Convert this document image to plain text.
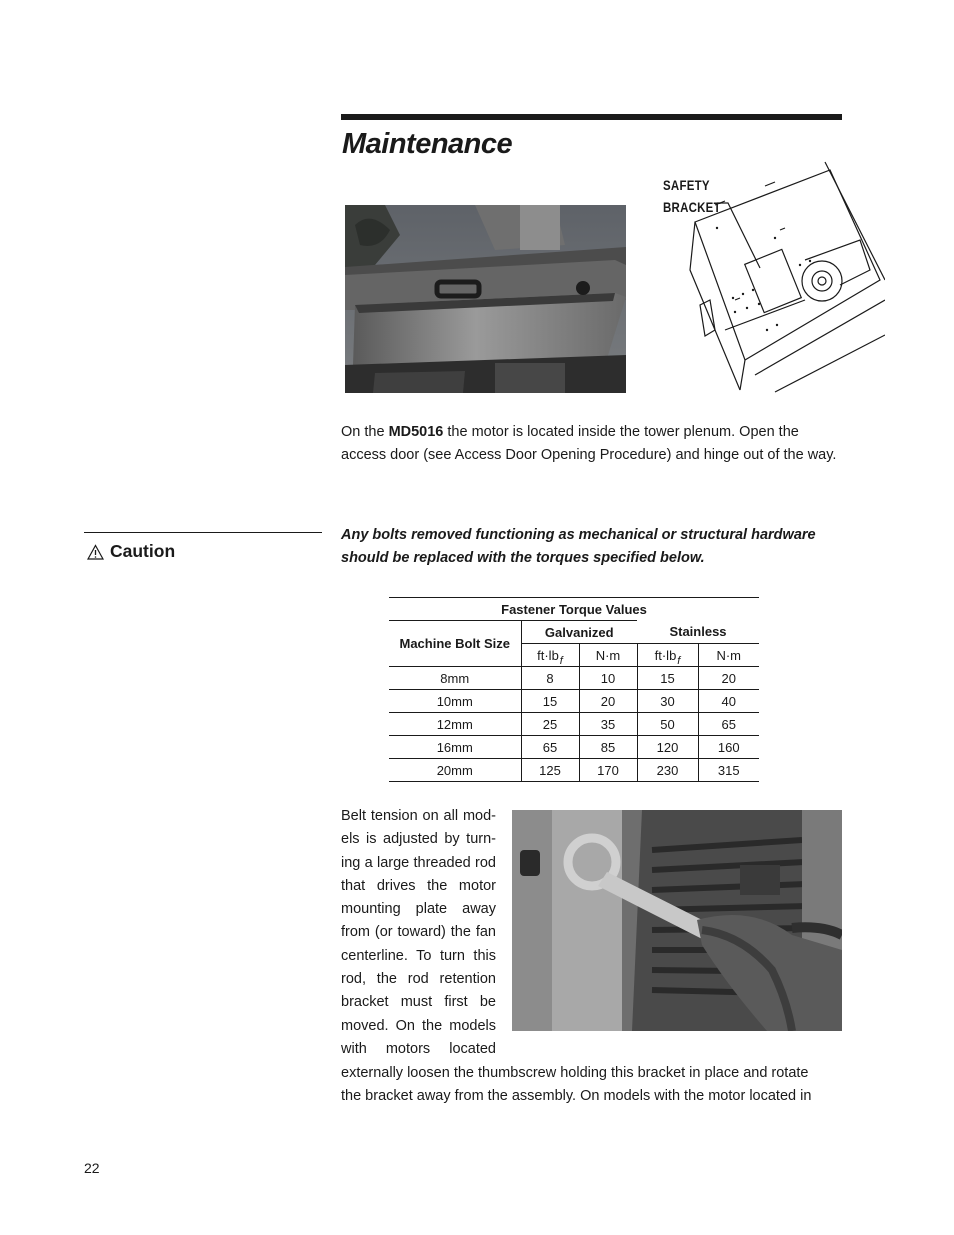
Maintenance
SAFETY
BRACKET

On the MD5016 the motor is located inside the tower plenum. Open the access door (see Access Door Opening Procedure) and hinge out of the way.

Caution

Any bolts removed functioning as mechanical or structural hardware should be replaced with the torques specified below.

Fastener Torque Values				
Machine Bolt Size	Galvanized		Stainless	
	$ft\cdot lb_f$	N·m	$ft\cdot lb_f$	N·m
8mm	8	10	15	20
10mm	15	20	30	40
12mm	25	35	50	65
16mm	65	85	120	160
20mm	125	170	230	315

Belt tension on all mod-
els is adjusted by turn-
ing a large threaded rod
that drives the motor
mounting plate away
from (or toward) the fan
centerline. To turn this
rod, the rod retention
bracket must first be
moved. On the models
with motors located

externally loosen the thumbscrew holding this bracket in place and rotate
the bracket away from the assembly. On models with the motor located in

22
